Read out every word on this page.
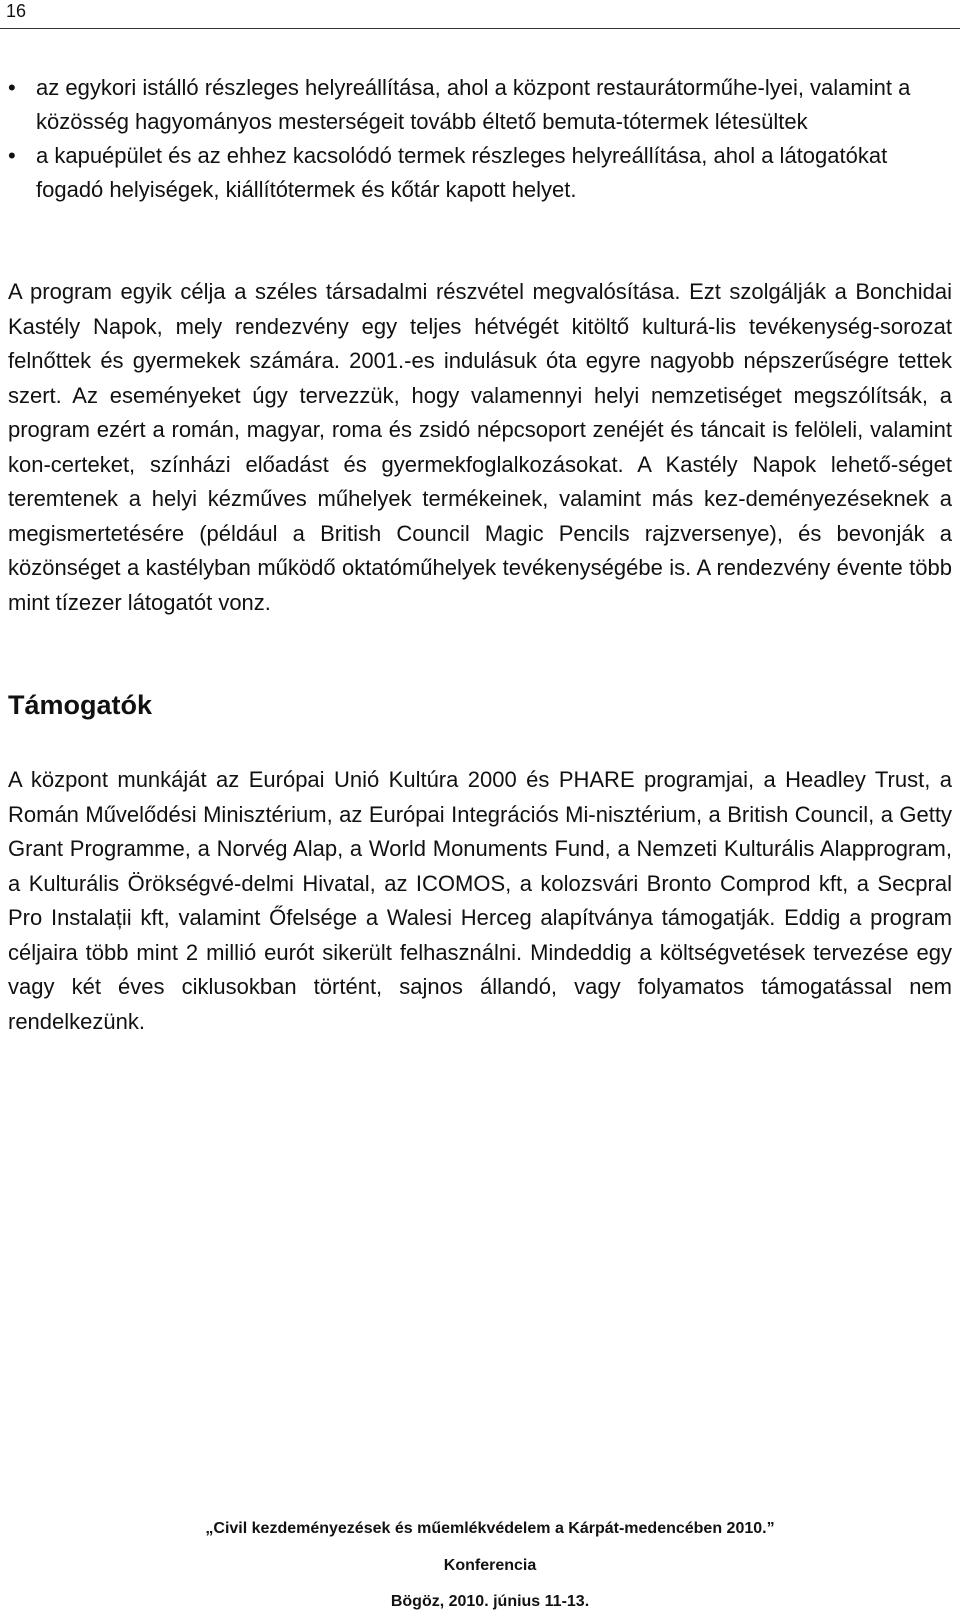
16
• az egykori istálló részleges helyreállítása, ahol a központ restaurátorműhe-lyei, valamint a közösség hagyományos mesterségeit tovább éltető bemuta-tótermek létesültek
• a kapuépület és az ehhez kacsolódó termek részleges helyreállítása, ahol a látogatókat fogadó helyiségek, kiállítótermek és kőtár kapott helyet.

A program egyik célja a széles társadalmi részvétel megvalósítása. Ezt szolgálják a Bonchidai Kastély Napok, mely rendezvény egy teljes hétvégét kitöltő kulturá-lis tevékenység-sorozat felnőttek és gyermekek számára. 2001.-es indulásuk óta egyre nagyobb népszerűségre tettek szert. Az eseményeket úgy tervezzük, hogy valamennyi helyi nemzetiséget megszólítsák, a program ezért a román, magyar, roma és zsidó népcsoport zenéjét és táncait is felöleli, valamint kon-certeket, színházi előadást és gyermekfoglalkozásokat. A Kastély Napok lehető-séget teremtenek a helyi kézműves műhelyek termékeinek, valamint más kez-deményezéseknek a megismertetésére (például a British Council Magic Pencils rajzversenye), és bevonják a közönséget a kastélyban működő oktatóműhelyek tevékenységébe is. A rendezvény évente több mint tízezer látogatót vonz.

Támogatók

A központ munkáját az Európai Unió Kultúra 2000 és PHARE programjai, a Headley Trust, a Román Művelődési Minisztérium, az Európai Integrációs Mi-nisztérium, a British Council, a Getty Grant Programme, a Norvég Alap, a World Monuments Fund, a Nemzeti Kulturális Alapprogram, a Kulturális Örökségvé-delmi Hivatal, az ICOMOS, a kolozsvári Bronto Comprod kft, a Secpral Pro Instalații kft, valamint Őfelsége a Walesi Herceg alapítványa támogatják. Eddig a program céljaira több mint 2 millió eurót sikerült felhasználni. Mindeddig a költségvetések tervezése egy vagy két éves ciklusokban történt, sajnos állandó, vagy folyamatos támogatással nem rendelkezünk.

„Civil kezdeményezések és műemlékvédelem a Kárpát-medencében 2010.”
Konferencia
Bögöz, 2010. június 11-13.
